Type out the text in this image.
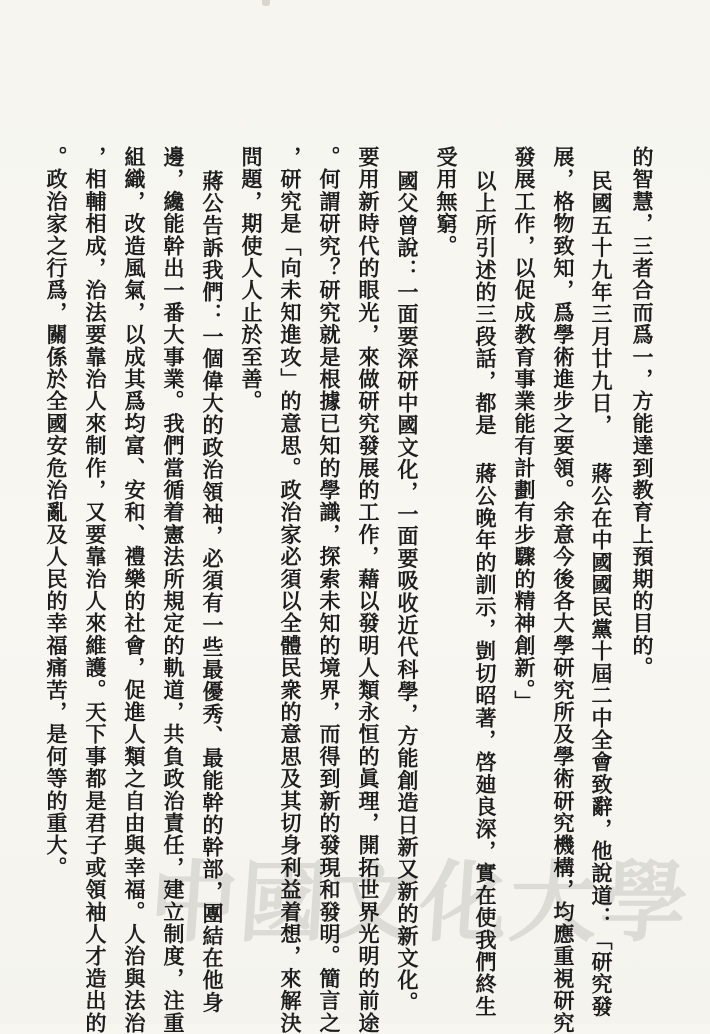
的智慧，三者合而爲一，方能達到教育上預期的目的。
民國五十九年三月廿九日， 蔣公在中國國民黨十屆二中全會致辭，他說道：「研究發
展，格物致知，爲學術進步之要領。余意今後各大學研究所及學術研究機構，均應重視研究
發展工作，以促成教育事業能有計劃有步驟的精神創新。」
以上所引述的三段話，都是 蔣公晚年的訓示，剴切昭著，啓廸良深，實在使我們終生
受用無窮。
國父曾說：一面要深研中國文化，一面要吸收近代科學，方能創造日新又新的新文化。
要用新時代的眼光，來做研究發展的工作，藉以發明人類永恒的眞理，開拓世界光明的前途
。何謂研究？研究就是根據已知的學識，探索未知的境界，而得到新的發現和發明。簡言之
，研究是「向未知進攻」的意思。政治家必須以全體民衆的意思及其切身利益着想，來解決
問題，期使人人止於至善。
蔣公告訴我們：一個偉大的政治領袖，必須有一些最優秀、最能幹的幹部，團結在他身
邊，纔能幹出一番大事業。我們當循着憲法所規定的軌道，共負政治責任，建立制度，注重
組織，改造風氣，以成其爲均富、安和、禮樂的社會，促進人類之自由與幸福。人治與法治
，相輔相成，治法要靠治人來制作，又要靠治人來維護。天下事都是君子或領袖人才造出的
。政治家之行爲，關係於全國安危治亂及人民的幸福痛苦，是何等的重大。
中
國
文
化
大
學
